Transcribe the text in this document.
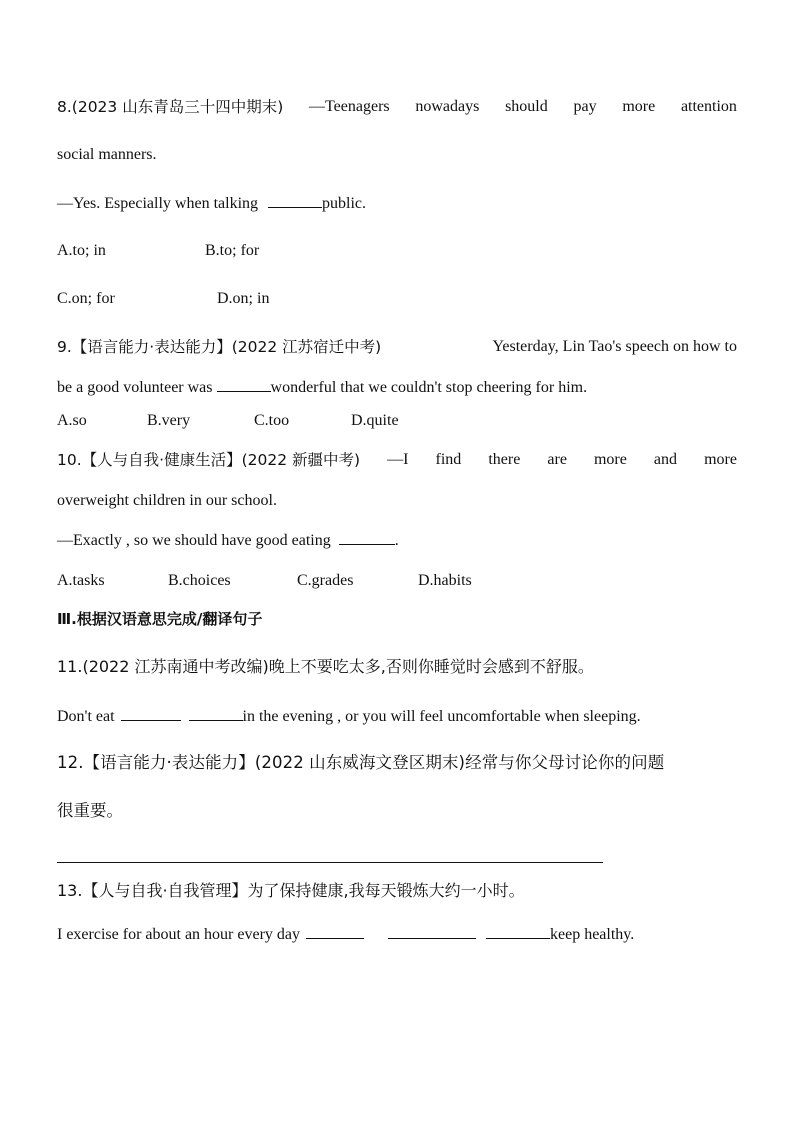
8.(2023 山东青岛三十四中期末) —Teenagers nowadays should pay more attention
social manners.
—Yes. Especially when talking	public.
A.to; in	B.to; for
C.on; for	D.on; in
9.【语言能力·表达能力】(2022 江苏宿迁中考)	Yesterday, Lin Tao's speech on how to
be a good volunteer was	wonderful that we couldn't stop cheering for him.
A.so	B.very	C.too	D.quite
10.【人与自我·健康生活】(2022 新疆中考) —I find there are more and more
overweight children in our school.
—Exactly , so we should have good eating	.
A.tasks	B.choices	C.grades	D.habits
Ⅲ.根据汉语意思完成/翻译句子
11.(2022 江苏南通中考改编)晚上不要吃太多,否则你睡觉时会感到不舒服。
Don't eat	in the evening , or you will feel uncomfortable when sleeping.
12.【语言能力·表达能力】(2022 山东威海文登区期末)经常与你父母讨论你的问题
很重要。
13.【人与自我·自我管理】为了保持健康,我每天锻炼大约一小时。
I exercise for about an hour every day	keep healthy.
